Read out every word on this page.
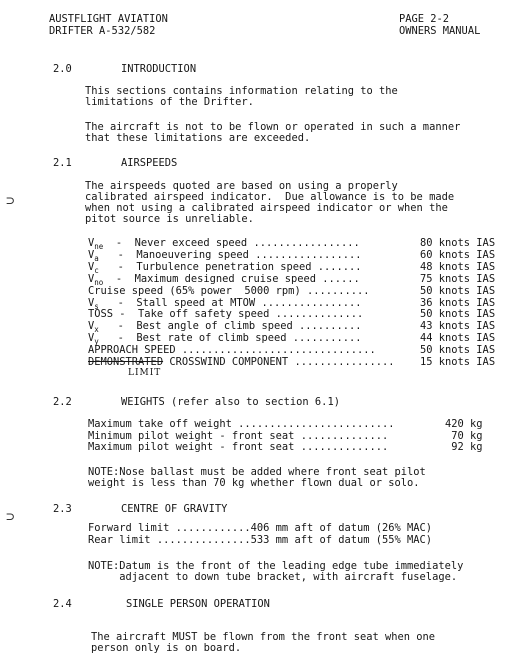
AUSTFLIGHT AVIATION
DRIFTER A-532/582
PAGE 2-2
OWNERS MANUAL
2.0	INTRODUCTION
This sections contains information relating to the
limitations of the Drifter.
The aircraft is not to be flown or operated in such a manner
that these limitations are exceeded.
⊃
⊃
2.1	AIRSPEEDS
The airspeeds quoted are based on using a properly
calibrated airspeed indicator.  Due allowance is to be made
when not using a calibrated airspeed indicator or when the
pitot source is unreliable.
$V_{ne}$ -  Never exceed speed .................	80 knots IAS
$V_a$ -  Manoeuvering speed .................	60 knots IAS
$V_c$ -  Turbulence penetration speed .......	48 knots IAS
$V_{no}$ -  Maximum designed cruise speed ......	75 knots IAS
Cruise speed (65% power  5000 rpm) ..........	50 knots IAS
$V_s$ -  Stall speed at MTOW ................	36 knots IAS
TOSS -  Take off safety speed ..............	50 knots IAS
$V_x$ -  Best angle of climb speed ..........	43 knots IAS
$V_y$ -  Best rate of climb speed ...........	44 knots IAS
APPROACH SPEED ...............................	50 knots IAS
DEMONSTRATED CROSSWIND COMPONENT ................ 15 knots IAS
LIMIT
2.2	WEIGHTS (refer also to section 6.1)
Maximum take off weight .........................	420 kg
Minimum pilot weight - front seat ..............	70 kg
Maximum pilot weight - front seat ..............	92 kg
NOTE:Nose ballast must be added where front seat pilot
weight is less than 70 kg whether flown dual or solo.
2.3	CENTRE OF GRAVITY
Forward limit ............406 mm aft of datum (26% MAC)
Rear limit ...............533 mm aft of datum (55% MAC)
NOTE:Datum is the front of the leading edge tube immediately
adjacent to down tube bracket, with aircraft fuselage.
2.4	SINGLE PERSON OPERATION
The aircraft MUST be flown from the front seat when one
person only is on board.
